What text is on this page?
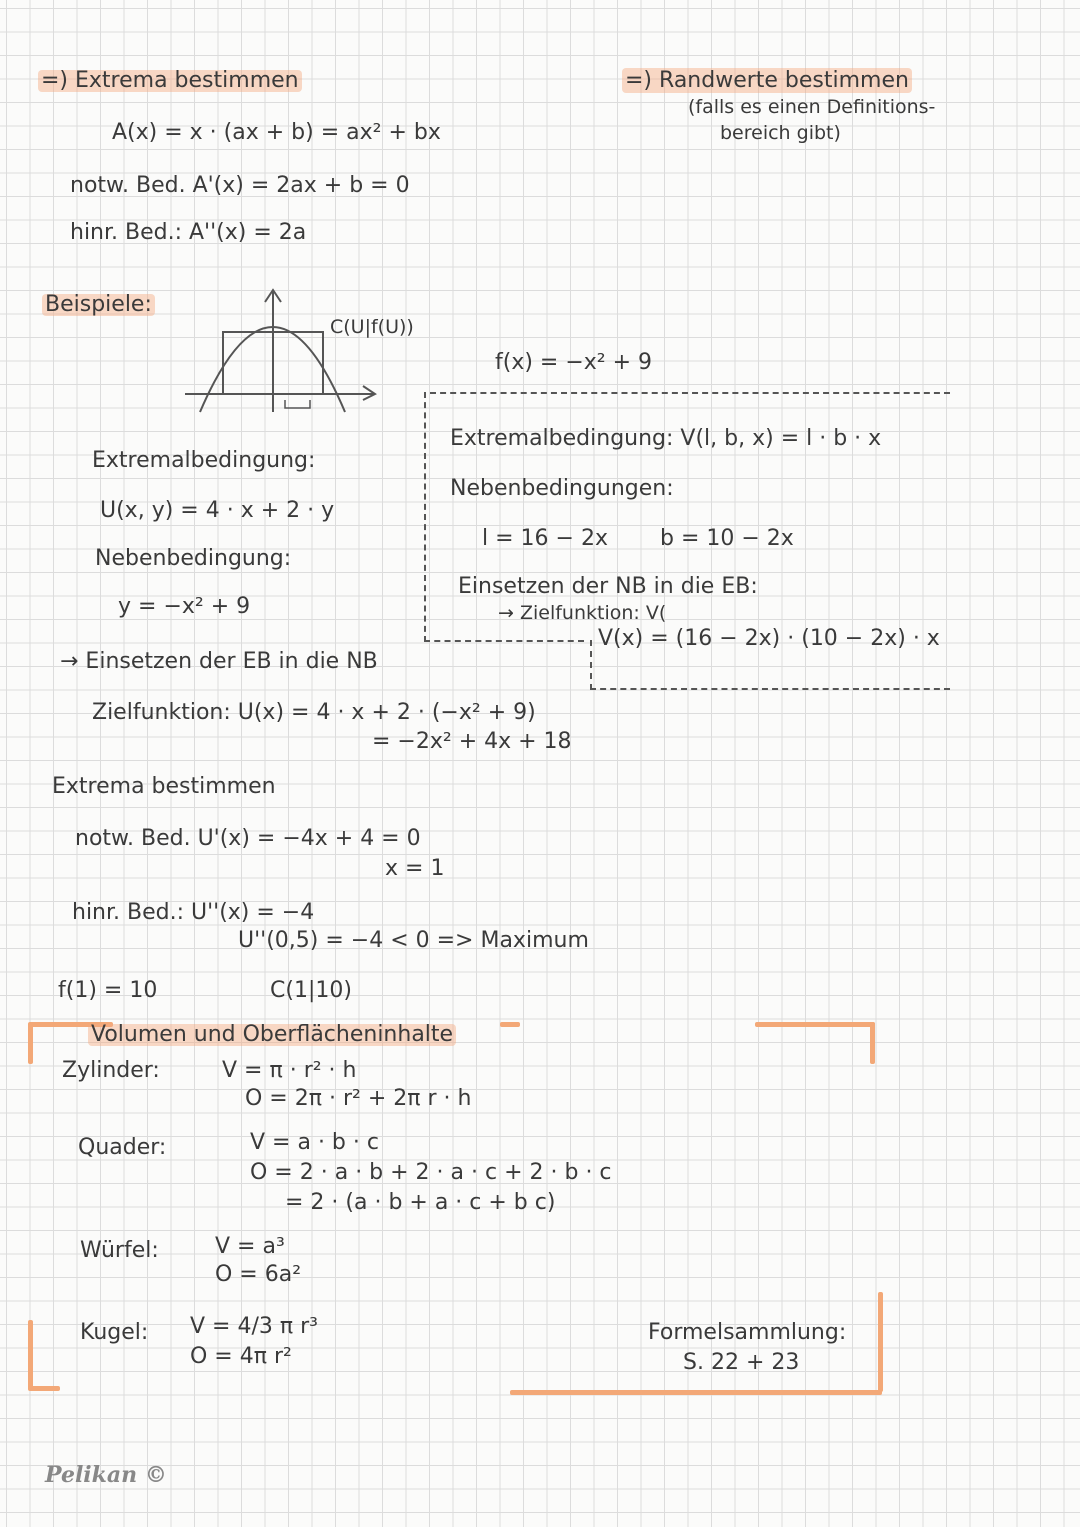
=) Extrema bestimmen
A(x) = x · (ax + b) = ax² + bx
notw. Bed. A'(x) = 2ax + b = 0
hinr. Bed.: A''(x) = 2a
=) Randwerte bestimmen
(falls es einen Definitions-
bereich gibt)
Beispiele:
C(U|f(U))
f(x) = −x² + 9
Extremalbedingung:
U(x, y) = 4 · x + 2 · y
Nebenbedingung:
y = −x² + 9
→ Einsetzen der EB in die NB
Zielfunktion: U(x) = 4 · x + 2 · (−x² + 9)
= −2x² + 4x + 18
Extremalbedingung: V(l, b, x) = l · b · x
Nebenbedingungen:
l = 16 − 2x b = 10 − 2x
Einsetzen der NB in die EB:
→ Zielfunktion: V(
V(x) = (16 − 2x) · (10 − 2x) · x
Extrema bestimmen
notw. Bed. U'(x) = −4x + 4 = 0
x = 1
hinr. Bed.: U''(x) = −4
U''(0,5) = −4 < 0 => Maximum
f(1) = 10	C(1|10)
Volumen und Oberflächeninhalte
Zylinder:	V = π · r² · h
O = 2π · r² + 2π r · h
Quader:	V = a · b · c
O = 2 · a · b + 2 · a · c + 2 · b · c
= 2 · (a · b + a · c + b c)
Würfel:	V = a³
O = 6a²
Kugel: V = 4/3 π r³
O = 4π r²
Formelsammlung:
S. 22 + 23
Pelikan ©
